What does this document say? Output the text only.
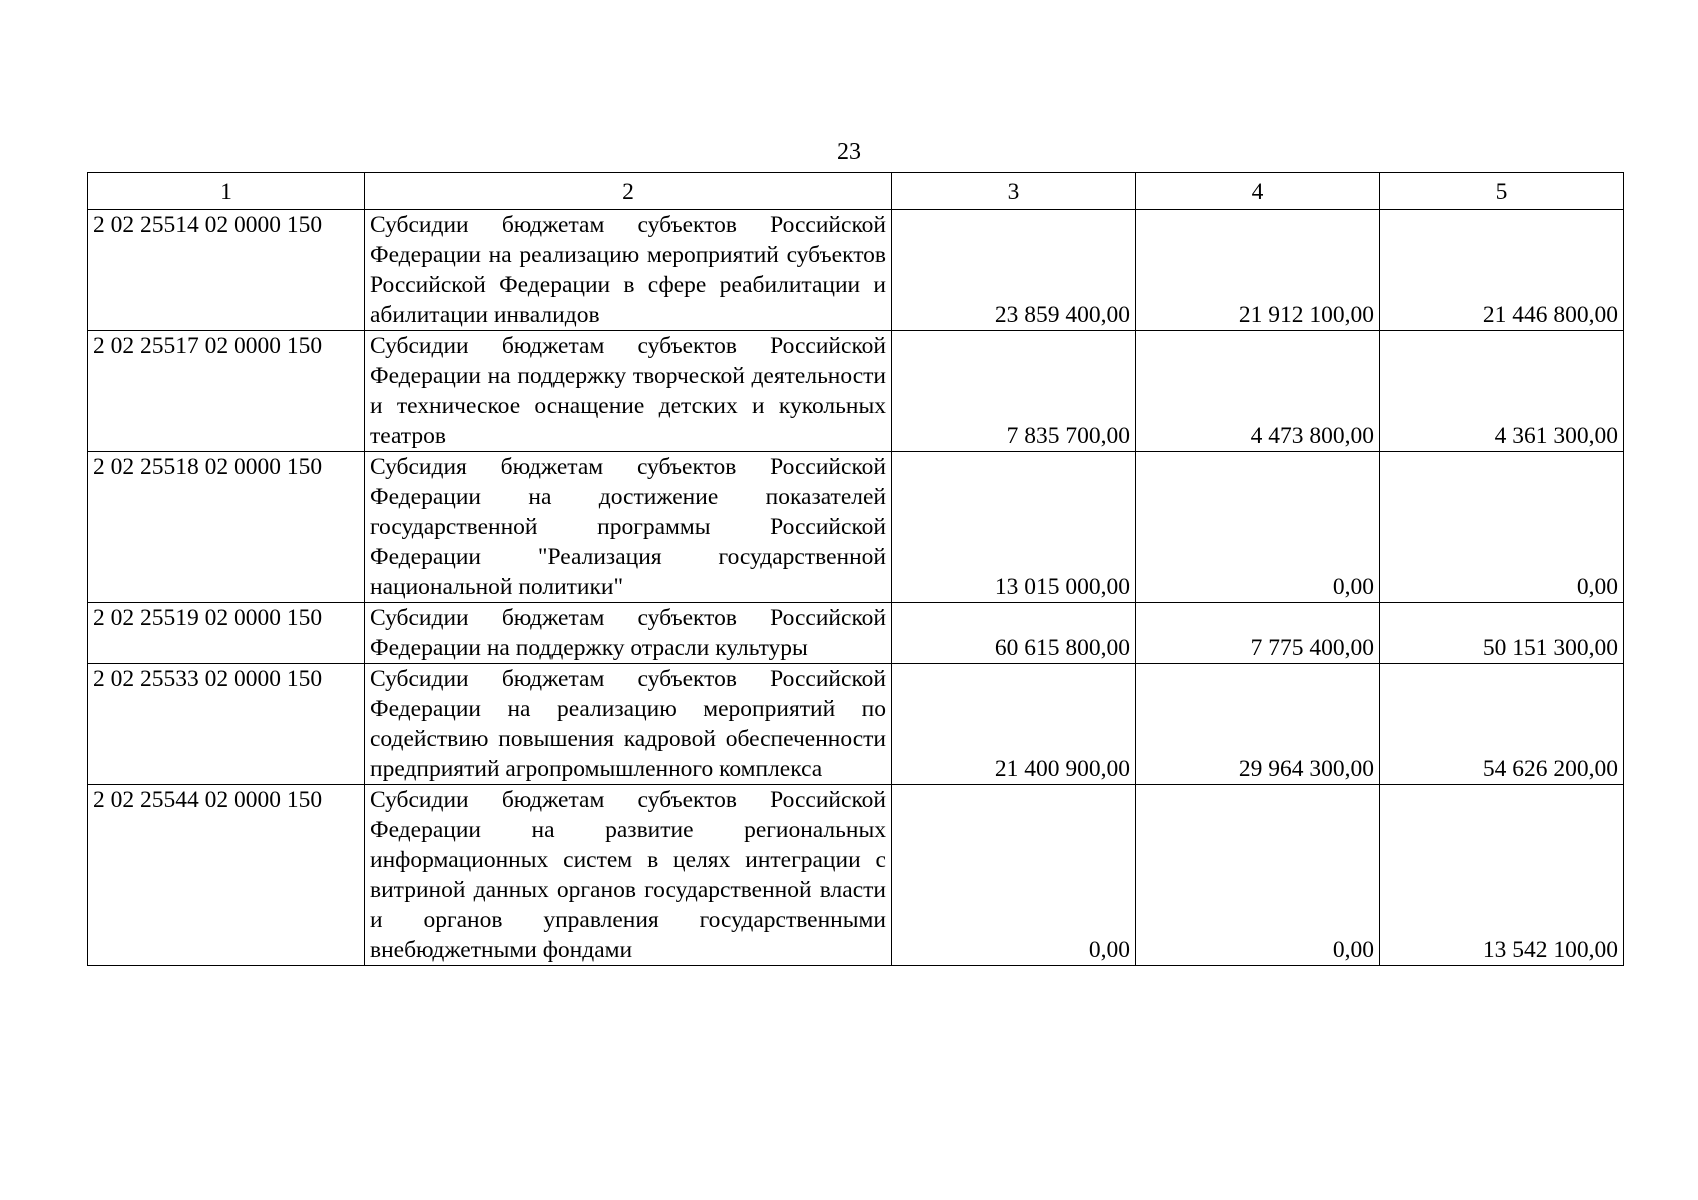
23
1	2	3	4	5
2 02 25514 02 0000 150	Субсидии бюджетам субъектов Российской Федерации на реализацию мероприятий субъектов Российской Федерации в сфере реабилитации и абилитации инвалидов	23 859 400,00	21 912 100,00	21 446 800,00
2 02 25517 02 0000 150	Субсидии бюджетам субъектов Российской Федерации на поддержку творческой деятельности и техническое оснащение детских и кукольных театров	7 835 700,00	4 473 800,00	4 361 300,00
2 02 25518 02 0000 150	Субсидия бюджетам субъектов Российской Федерации на достижение показателей государственной программы Российской Федерации "Реализация государственной национальной политики"	13 015 000,00	0,00	0,00
2 02 25519 02 0000 150	Субсидии бюджетам субъектов Российской Федерации на поддержку отрасли культуры	60 615 800,00	7 775 400,00	50 151 300,00
2 02 25533 02 0000 150	Субсидии бюджетам субъектов Российской Федерации на реализацию мероприятий по содействию повышения кадровой обеспеченности предприятий агропромышленного комплекса	21 400 900,00	29 964 300,00	54 626 200,00
2 02 25544 02 0000 150	Субсидии бюджетам субъектов Российской Федерации на развитие региональных информационных систем в целях интеграции с витриной данных органов государственной власти и органов управления государственными внебюджетными фондами	0,00	0,00	13 542 100,00
